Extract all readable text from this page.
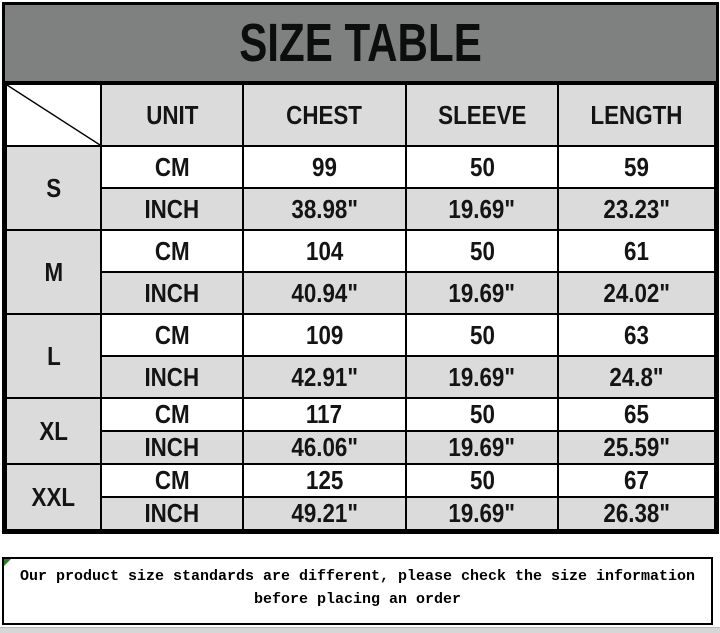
SIZE TABLE
	UNIT	CHEST	SLEEVE	LENGTH
S	CM	99	50	59
	INCH	38.98"	19.69"	23.23"
M	CM	104	50	61
	INCH	40.94"	19.69"	24.02"
L	CM	109	50	63
	INCH	42.91"	19.69"	24.8"
XL	CM	117	50	65
	INCH	46.06"	19.69"	25.59"
XXL	CM	125	50	67
	INCH	49.21"	19.69"	26.38"
Our product size standards are different, please check the size information
before placing an order
